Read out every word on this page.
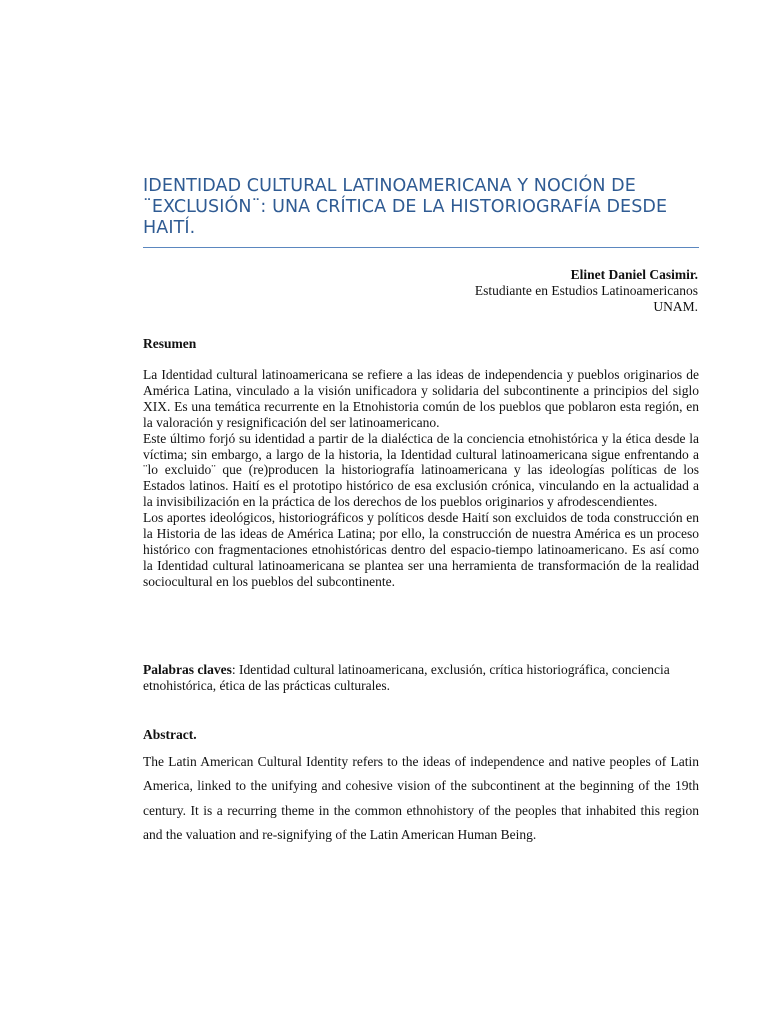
IDENTIDAD CULTURAL LATINOAMERICANA Y NOCIÓN DE ¨EXCLUSIÓN¨: UNA CRÍTICA DE LA HISTORIOGRAFÍA DESDE HAITÍ.
Elinet Daniel Casimir.
Estudiante en Estudios Latinoamericanos
UNAM.
Resumen

La Identidad cultural latinoamericana se refiere a las ideas de independencia y pueblos originarios de América Latina, vinculado a la visión unificadora y solidaria del subcontinente a principios del siglo XIX. Es una temática recurrente en la Etnohistoria común de los pueblos que poblaron esta región, en la valoración y resignificación del ser latinoamericano.

Este último forjó su identidad a partir de la dialéctica de la conciencia etnohistórica y la ética desde la víctima; sin embargo, a largo de la historia, la Identidad cultural latinoamericana sigue enfrentando a ¨lo excluido¨ que (re)producen la historiografía latinoamericana y las ideologías políticas de los Estados latinos. Haití es el prototipo histórico de esa exclusión crónica, vinculando en la actualidad a la invisibilización en la práctica de los derechos de los pueblos originarios y afrodescendientes.

Los aportes ideológicos, historiográficos y políticos desde Haití son excluidos de toda construcción en la Historia de las ideas de América Latina; por ello, la construcción de nuestra América es un proceso histórico con fragmentaciones etnohistóricas dentro del espacio-tiempo latinoamericano. Es así como la Identidad cultural latinoamericana se plantea ser una herramienta de transformación de la realidad sociocultural en los pueblos del subcontinente.

Palabras claves: Identidad cultural latinoamericana, exclusión, crítica historiográfica, conciencia etnohistórica, ética de las prácticas culturales.

Abstract.

The Latin American Cultural Identity refers to the ideas of independence and native peoples of Latin America, linked to the unifying and cohesive vision of the subcontinent at the beginning of the 19th century. It is a recurring theme in the common ethnohistory of the peoples that inhabited this region and the valuation and re-signifying of the Latin American Human Being.
